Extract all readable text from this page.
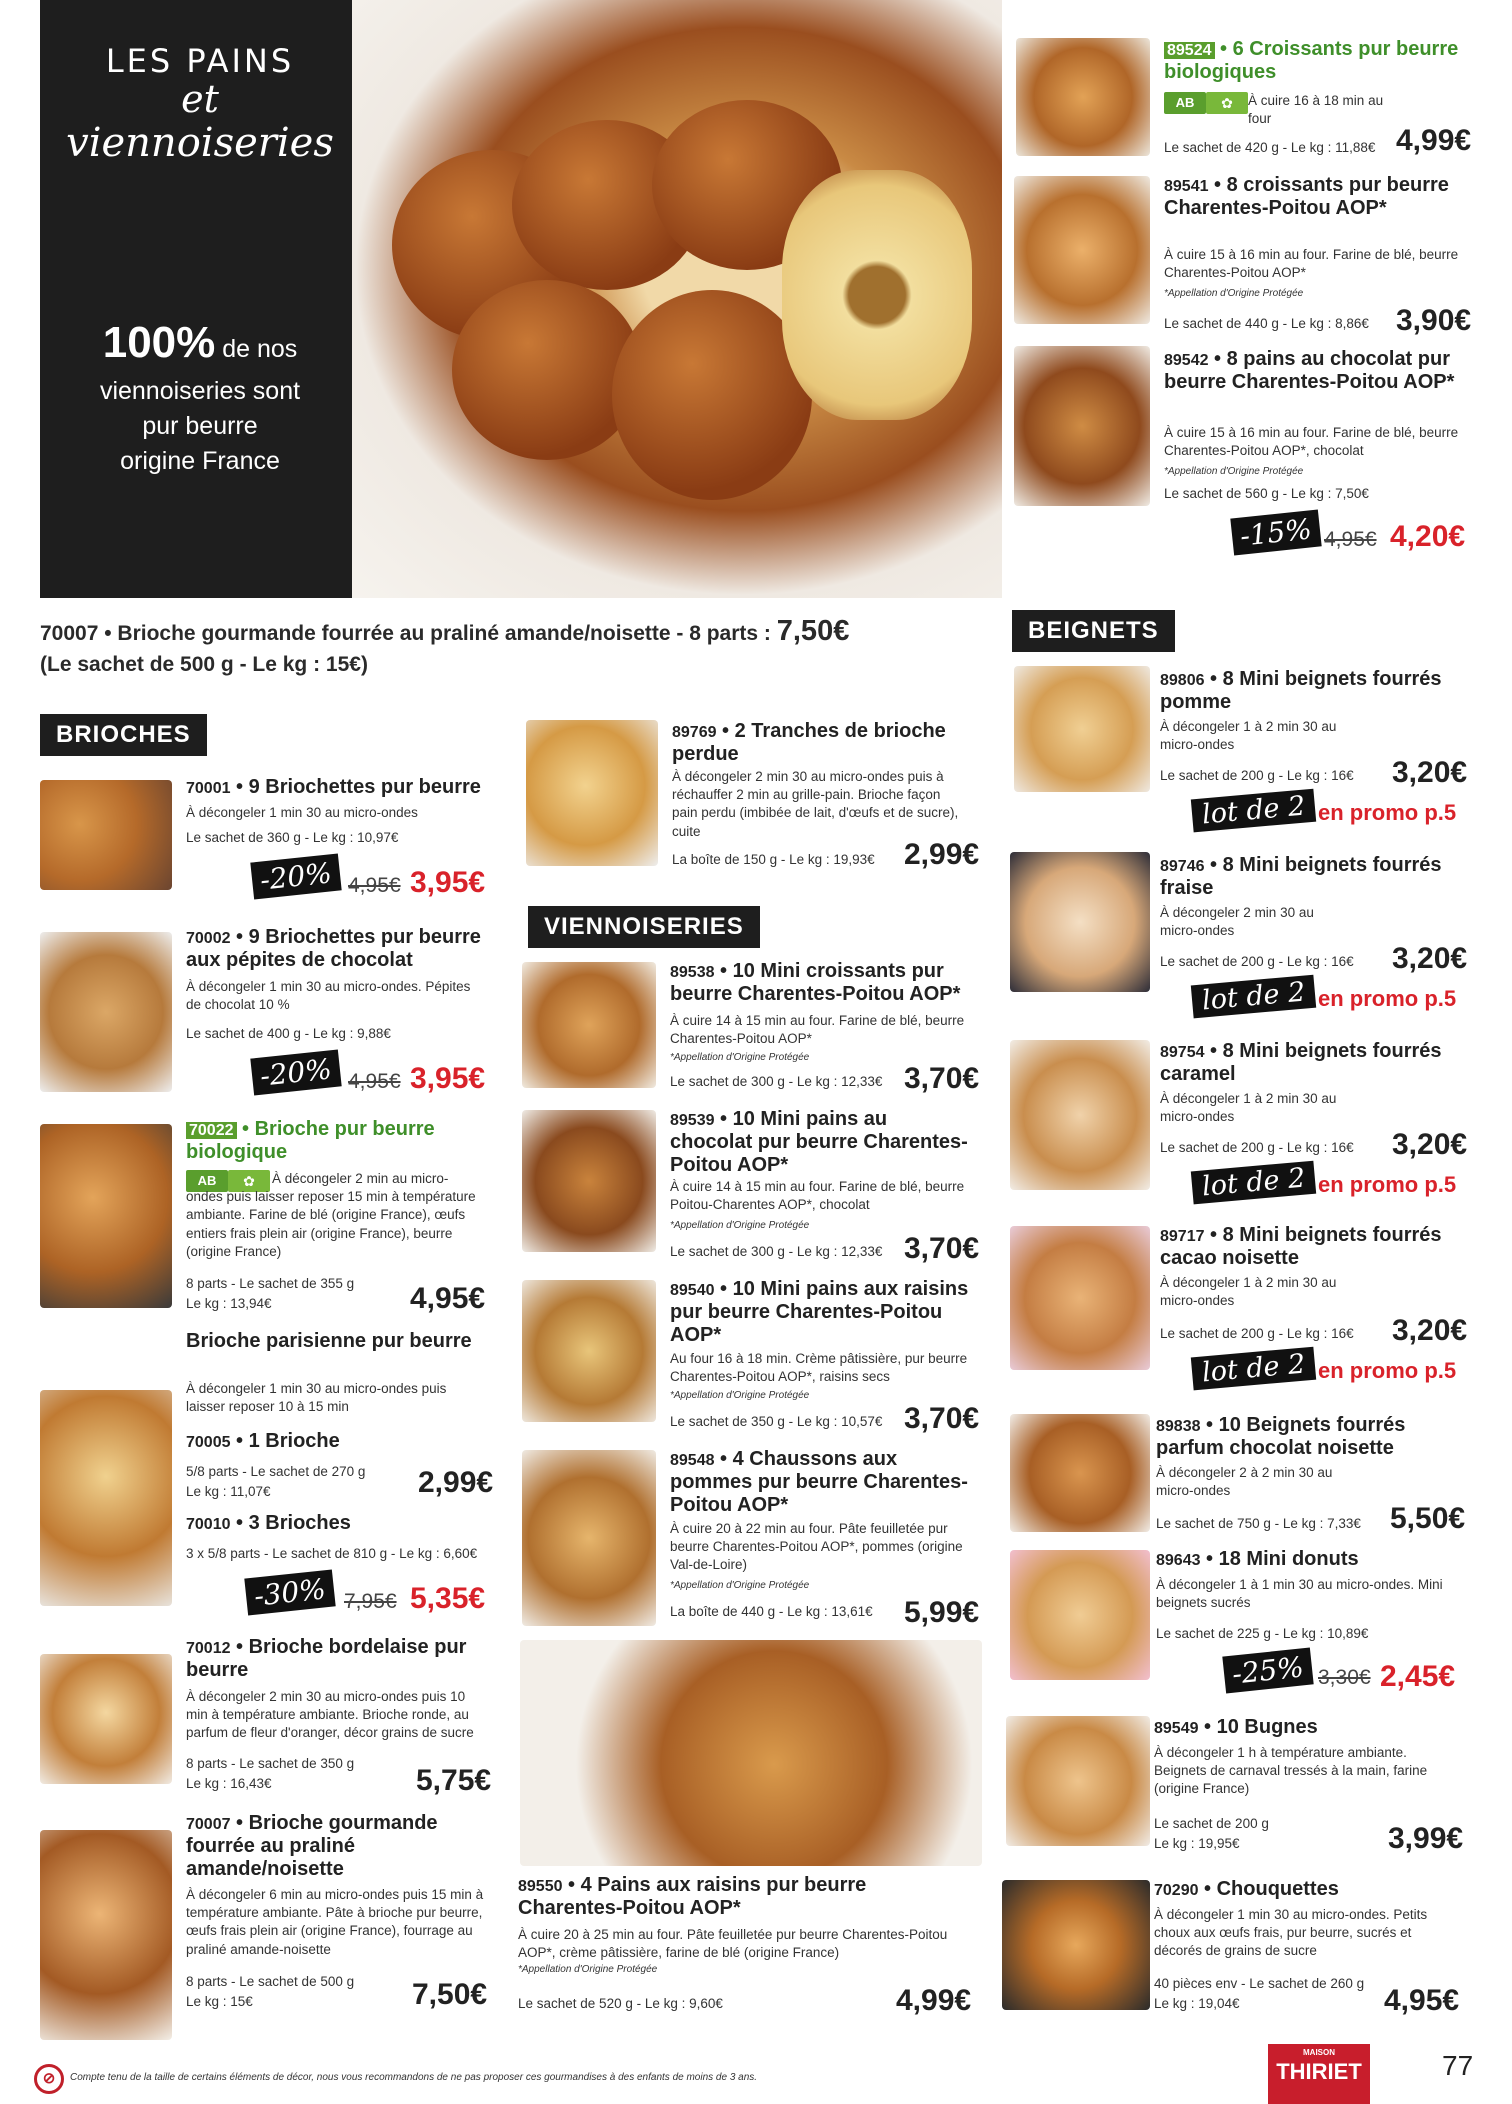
LES PAINS
et
viennoiseries
100% de nos
viennoiseries sont
pur beurre
origine France
70007 • Brioche gourmande fourrée au praliné amande/noisette - 8 parts : 7,50€
(Le sachet de 500 g - Le kg : 15€)
BRIOCHES
VIENNOISERIES
BEIGNETS
70001 • 9 Briochettes pur beurre
À décongeler 1 min 30 au micro-ondes
Le sachet de 360 g - Le kg : 10,97€
-20% 4,95€ 3,95€
70002 • 9 Briochettes pur beurre aux pépites de chocolat
À décongeler 1 min 30 au micro-ondes. Pépites de chocolat 10 %
Le sachet de 400 g - Le kg : 9,88€
-20% 4,95€ 3,95€
70022 • Brioche pur beurre biologique
AB	✿	À décongeler 2 min au micro-ondes puis laisser reposer 15 min à température ambiante. Farine de blé (origine France), œufs entiers frais plein air (origine France), beurre (origine France)
8 parts - Le sachet de 355 g
Le kg : 13,94€	4,95€
Brioche parisienne pur beurre
À décongeler 1 min 30 au micro-ondes puis laisser reposer 10 à 15 min
70005 • 1 Brioche
5/8 parts - Le sachet de 270 g
Le kg : 11,07€	2,99€
70010 • 3 Brioches
3 x 5/8 parts - Le sachet de 810 g - Le kg : 6,60€
-30% 7,95€ 5,35€
70012 • Brioche bordelaise pur beurre
À décongeler 2 min 30 au micro-ondes puis 10 min à température ambiante. Brioche ronde, au parfum de fleur d'oranger, décor grains de sucre
8 parts - Le sachet de 350 g
Le kg : 16,43€	5,75€
70007 • Brioche gourmande fourrée au praliné amande/noisette
À décongeler 6 min au micro-ondes puis 15 min à température ambiante. Pâte à brioche pur beurre, œufs frais plein air (origine France), fourrage au praliné amande-noisette
8 parts - Le sachet de 500 g
Le kg : 15€	7,50€
89769 • 2 Tranches de brioche perdue
À décongeler 2 min 30 au micro-ondes puis à réchauffer 2 min au grille-pain. Brioche façon pain perdu (imbibée de lait, d'œufs et de sucre), cuite
La boîte de 150 g - Le kg : 19,93€ 2,99€
89538 • 10 Mini croissants pur beurre Charentes-Poitou AOP*
À cuire 14 à 15 min au four. Farine de blé, beurre Charentes-Poitou AOP*
*Appellation d'Origine Protégée
Le sachet de 300 g - Le kg : 12,33€ 3,70€
89539 • 10 Mini pains au chocolat pur beurre Charentes-Poitou AOP*
À cuire 14 à 15 min au four. Farine de blé, beurre Poitou-Charentes AOP*, chocolat
*Appellation d'Origine Protégée
Le sachet de 300 g - Le kg : 12,33€ 3,70€
89540 • 10 Mini pains aux raisins pur beurre Charentes-Poitou AOP*
Au four 16 à 18 min. Crème pâtissière, pur beurre Charentes-Poitou AOP*, raisins secs
*Appellation d'Origine Protégée
Le sachet de 350 g - Le kg : 10,57€ 3,70€
89548 • 4 Chaussons aux pommes pur beurre Charentes-Poitou AOP*
À cuire 20 à 22 min au four. Pâte feuilletée pur beurre Charentes-Poitou AOP*, pommes (origine Val-de-Loire)
*Appellation d'Origine Protégée
La boîte de 440 g - Le kg : 13,61€ 5,99€
89550 • 4 Pains aux raisins pur beurre Charentes-Poitou AOP*
À cuire 20 à 25 min au four. Pâte feuilletée pur beurre Charentes-Poitou AOP*, crème pâtissière, farine de blé (origine France)
*Appellation d'Origine Protégée
Le sachet de 520 g - Le kg : 9,60€	4,99€
89524 • 6 Croissants pur beurre biologiques
AB	✿	À cuire 16 à 18 min au four
Le sachet de 420 g - Le kg : 11,88€ 4,99€
89541 • 8 croissants pur beurre Charentes-Poitou AOP*
À cuire 15 à 16 min au four. Farine de blé, beurre Charentes-Poitou AOP*
*Appellation d'Origine Protégée
Le sachet de 440 g - Le kg : 8,86€ 3,90€
89542 • 8 pains au chocolat pur beurre Charentes-Poitou AOP*
À cuire 15 à 16 min au four. Farine de blé, beurre Charentes-Poitou AOP*, chocolat
*Appellation d'Origine Protégée
Le sachet de 560 g - Le kg : 7,50€
-15% 4,95€ 4,20€
89806 • 8 Mini beignets fourrés pomme
À décongeler 1 à 2 min 30 au micro-ondes
Le sachet de 200 g - Le kg : 16€ 3,20€
lot de 2 en promo p.5
89746 • 8 Mini beignets fourrés fraise
À décongeler 2 min 30 au micro-ondes
Le sachet de 200 g - Le kg : 16€ 3,20€
lot de 2 en promo p.5
89754 • 8 Mini beignets fourrés caramel
À décongeler 1 à 2 min 30 au micro-ondes
Le sachet de 200 g - Le kg : 16€ 3,20€
lot de 2 en promo p.5
89717 • 8 Mini beignets fourrés cacao noisette
À décongeler 1 à 2 min 30 au micro-ondes
Le sachet de 200 g - Le kg : 16€ 3,20€
lot de 2 en promo p.5
89838 • 10 Beignets fourrés parfum chocolat noisette
À décongeler 2 à 2 min 30 au micro-ondes
Le sachet de 750 g - Le kg : 7,33€ 5,50€
89643 • 18 Mini donuts
À décongeler 1 à 1 min 30 au micro-ondes. Mini beignets sucrés
Le sachet de 225 g - Le kg : 10,89€
-25% 3,30€ 2,45€
89549 • 10 Bugnes
À décongeler 1 h à température ambiante. Beignets de carnaval tressés à la main, farine (origine France)
Le sachet de 200 g
Le kg : 19,95€	3,99€
70290 • Chouquettes
À décongeler 1 min 30 au micro-ondes. Petits choux aux œufs frais, pur beurre, sucrés et décorés de grains de sucre
40 pièces env - Le sachet de 260 g
Le kg : 19,04€	4,95€
⊘	Compte tenu de la taille de certains éléments de décor, nous vous recommandons de ne pas proposer ces gourmandises à des enfants de moins de 3 ans.
MAISON
THIRIET	77
